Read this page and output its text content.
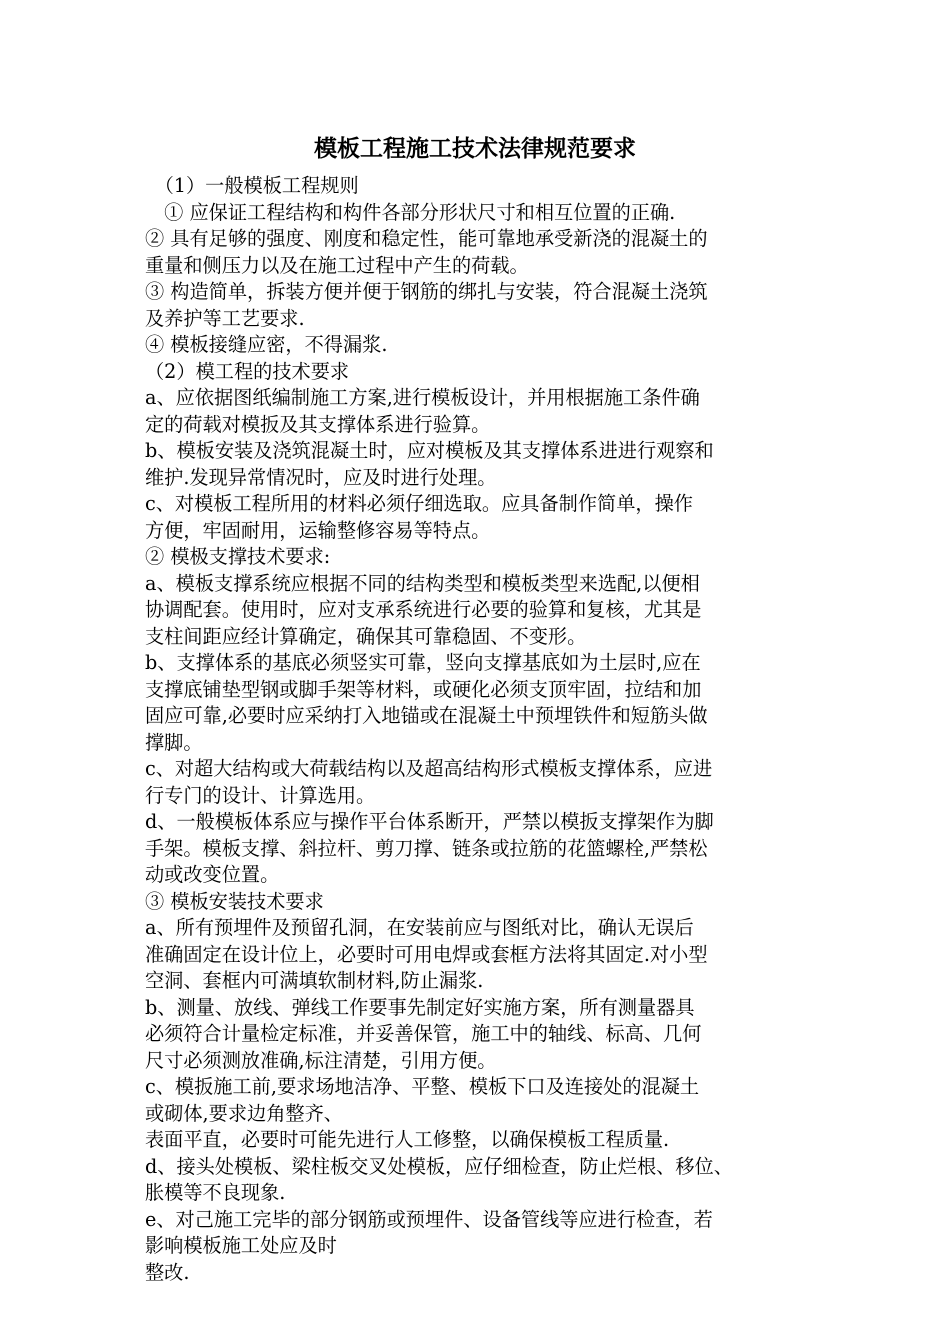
模板工程施工技术法律规范要求
　（1）一般模板工程规则
　① 应保证工程结构和构件各部分形状尺寸和相互位置的正确.
② 具有足够的强度、刚度和稳定性，能可靠地承受新浇的混凝土的
重量和侧压力以及在施工过程中产生的荷载。
③ 构造简单，拆装方便并便于钢筋的绑扎与安装，符合混凝土浇筑
及养护等工艺要求.
④ 模板接缝应密，不得漏浆.
（2）模工程的技术要求
a、应依据图纸编制施工方案,进行模板设计，并用根据施工条件确
定的荷载对模扳及其支撑体系进行验算。
b、模板安装及浇筑混凝土时，应对模板及其支撑体系进进行观察和
维护.发现异常情况时，应及时进行处理。
c、对模板工程所用的材料必须仔细选取。应具备制作简单，操作
方便，牢固耐用，运输整修容易等特点。
② 模极支撑技术要求:
a、模板支撑系统应根据不同的结构类型和模板类型来选配,以便相
协调配套。使用时，应对支承系统进行必要的验算和复核，尤其是
支柱间距应经计算确定，确保其可靠稳固、不变形。
b、支撑体系的基底必须竖实可靠，竖向支撑基底如为土层时,应在
支撑底铺垫型钢或脚手架等材料，或硬化必须支顶牢固，拉结和加
固应可靠,必要时应采纳打入地锚或在混凝土中预埋铁件和短筋头做
撑脚。
c、对超大结构或大荷载结构以及超高结构形式模板支撑体系，应进
行专门的设计、计算选用。
d、一般模板体系应与操作平台体系断开，严禁以模扳支撑架作为脚
手架。模板支撑、斜拉杆、剪刀撑、链条或拉筋的花篮螺栓,严禁松
动或改变位置。
③ 模板安装技术要求
a、所有预埋件及预留孔洞，在安装前应与图纸对比，确认无误后
准确固定在设计位上，必要时可用电焊或套框方法将其固定.对小型
空洞、套框内可满填软制材料,防止漏浆.
b、测量、放线、弹线工作要事先制定好实施方案，所有测量器具
必须符合计量检定标准，并妥善保管，施工中的轴线、标高、几何
尺寸必须测放准确,标注清楚，引用方便。
c、模扳施工前,要求场地洁净、平整、模板下口及连接处的混凝土
或砌体,要求边角整齐、
表面平直，必要时可能先进行人工修整，以确保模板工程质量.
d、接头处模板、梁柱板交叉处模板，应仔细检查，防止烂根、移位、
胀模等不良现象.
e、对己施工完毕的部分钢筋或预埋件、设备管线等应进行检查，若
影响模板施工处应及时
整改.
